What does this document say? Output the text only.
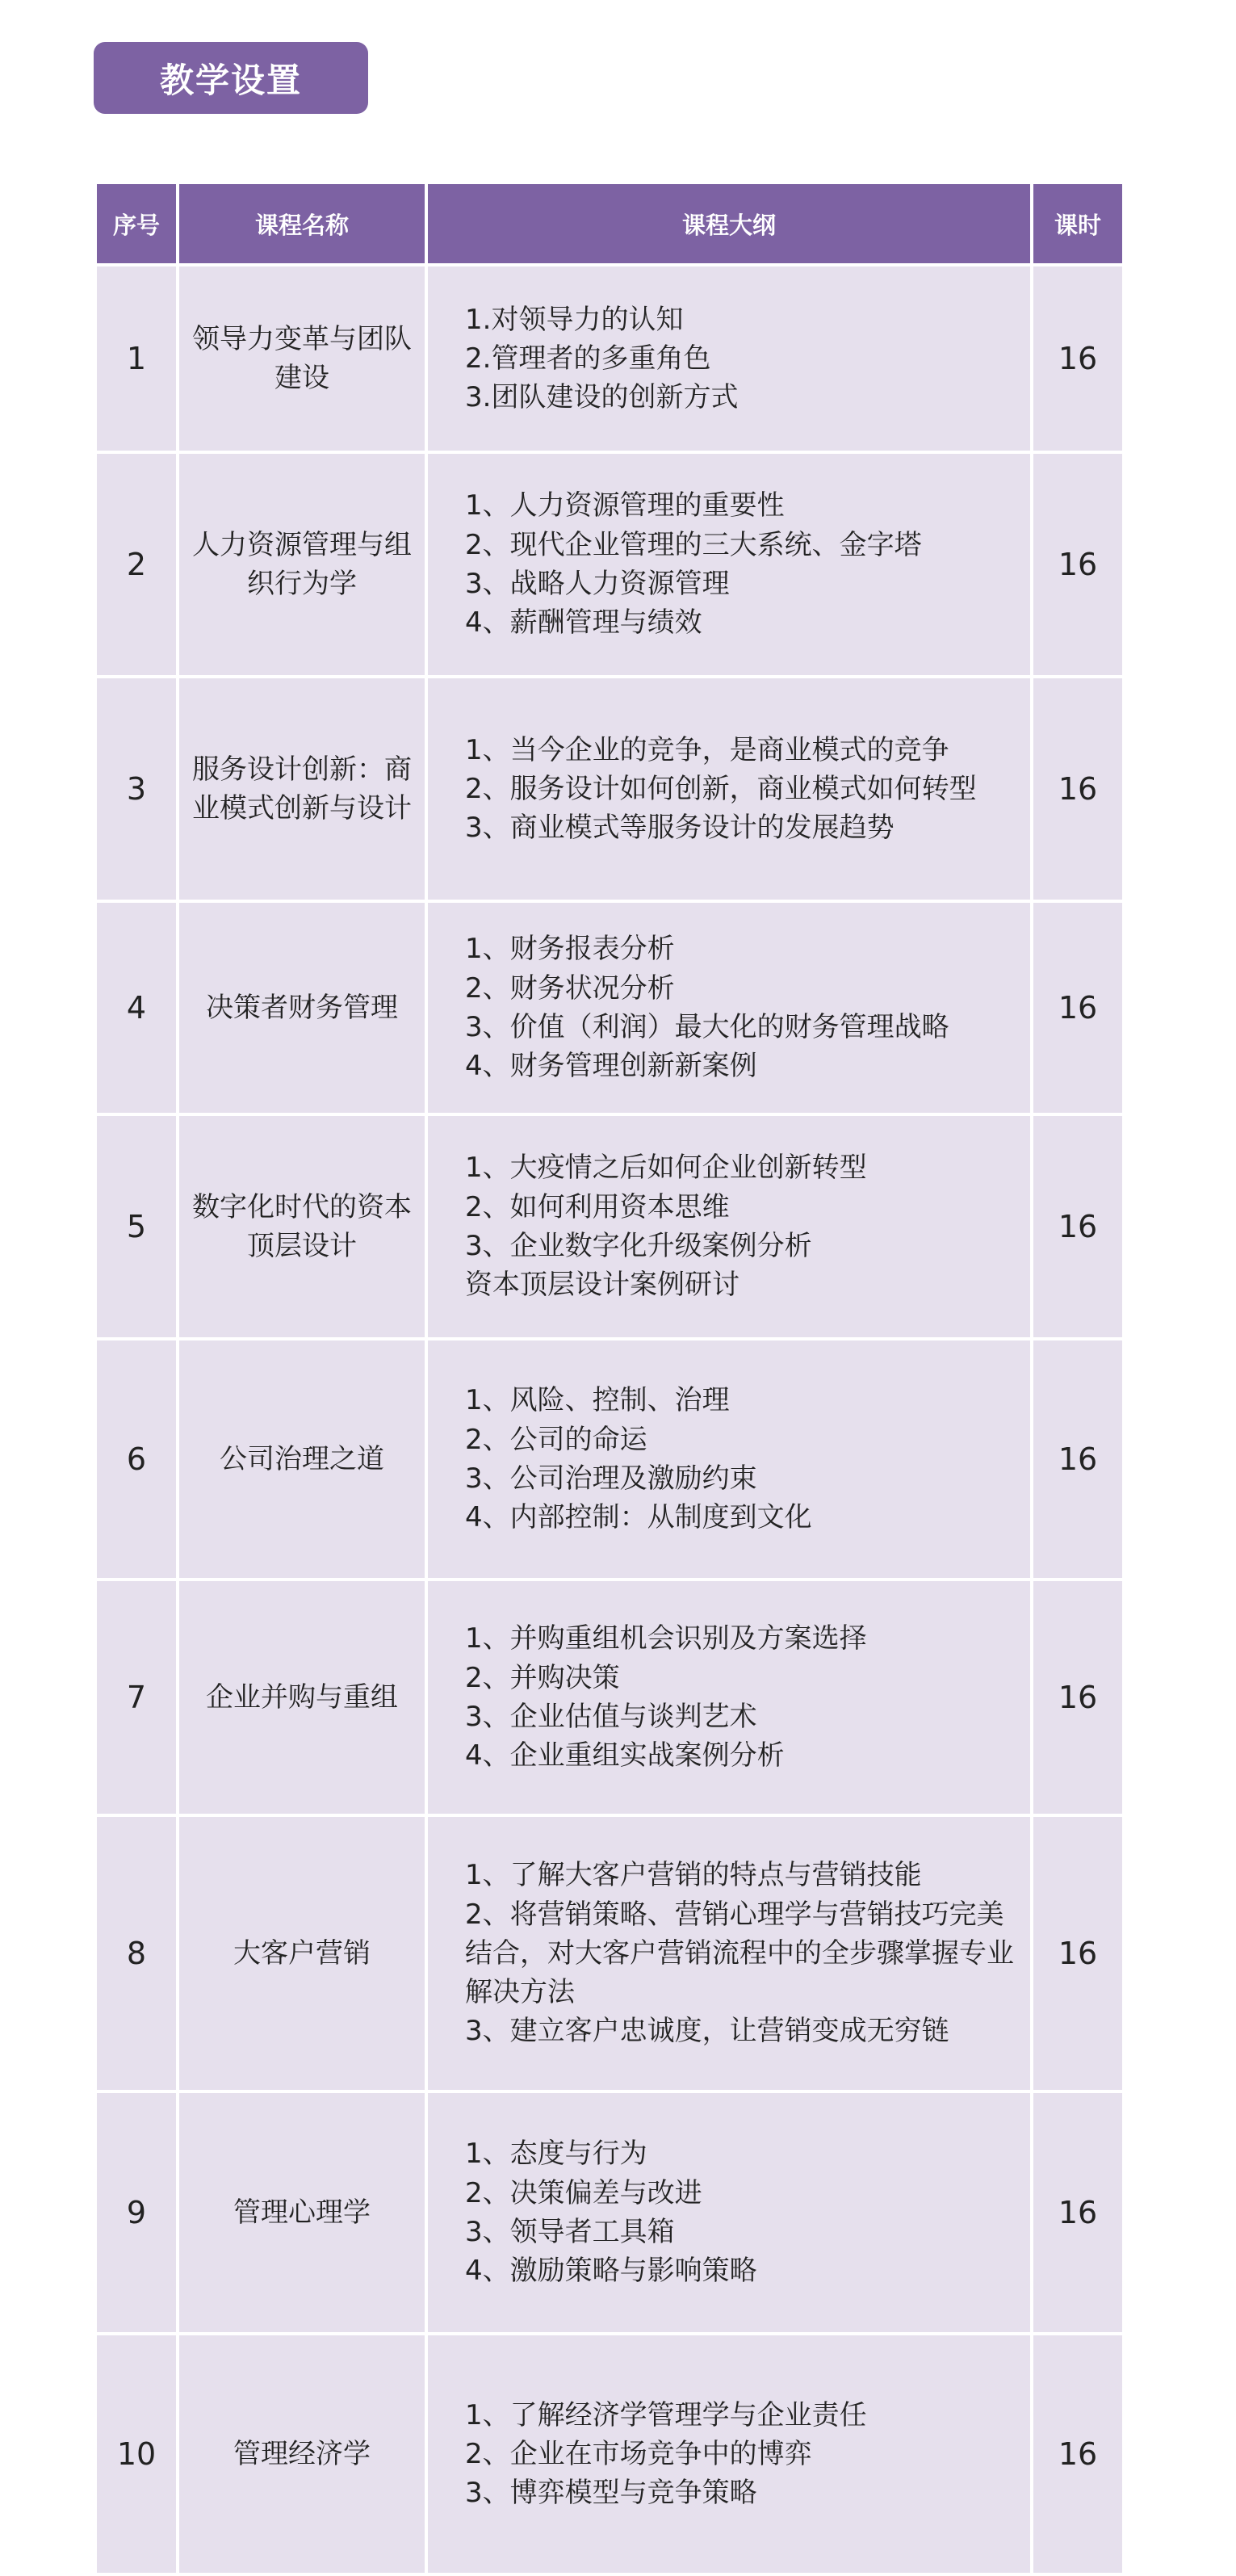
教学设置
序号	课程名称	课程大纲	课时
1	领导力变革与团队建设	1.对领导力的认知
2.管理者的多重角色
3.团队建设的创新方式	16
2	人力资源管理与组织行为学	1、人力资源管理的重要性
2、现代企业管理的三大系统、金字塔
3、战略人力资源管理
4、薪酬管理与绩效	16
3	服务设计创新：商业模式创新与设计	1、当今企业的竞争，是商业模式的竞争
2、服务设计如何创新，商业模式如何转型
3、商业模式等服务设计的发展趋势	16
4	决策者财务管理	1、财务报表分析
2、财务状况分析
3、价值（利润）最大化的财务管理战略
4、财务管理创新新案例	16
5	数字化时代的资本顶层设计	1、大疫情之后如何企业创新转型
2、如何利用资本思维
3、企业数字化升级案例分析
资本顶层设计案例研讨	16
6	公司治理之道	1、风险、控制、治理
2、公司的命运
3、公司治理及激励约束
4、内部控制：从制度到文化	16
7	企业并购与重组	1、并购重组机会识别及方案选择
2、并购决策
3、企业估值与谈判艺术
4、企业重组实战案例分析	16
8	大客户营销	1、了解大客户营销的特点与营销技能
2、将营销策略、营销心理学与营销技巧完美结合，对大客户营销流程中的全步骤掌握专业解决方法
3、建立客户忠诚度，让营销变成无穷链	16
9	管理心理学	1、态度与行为
2、决策偏差与改进
3、领导者工具箱
4、激励策略与影响策略	16
10	管理经济学	1、了解经济学管理学与企业责任
2、企业在市场竞争中的博弈
3、博弈模型与竞争策略	16
